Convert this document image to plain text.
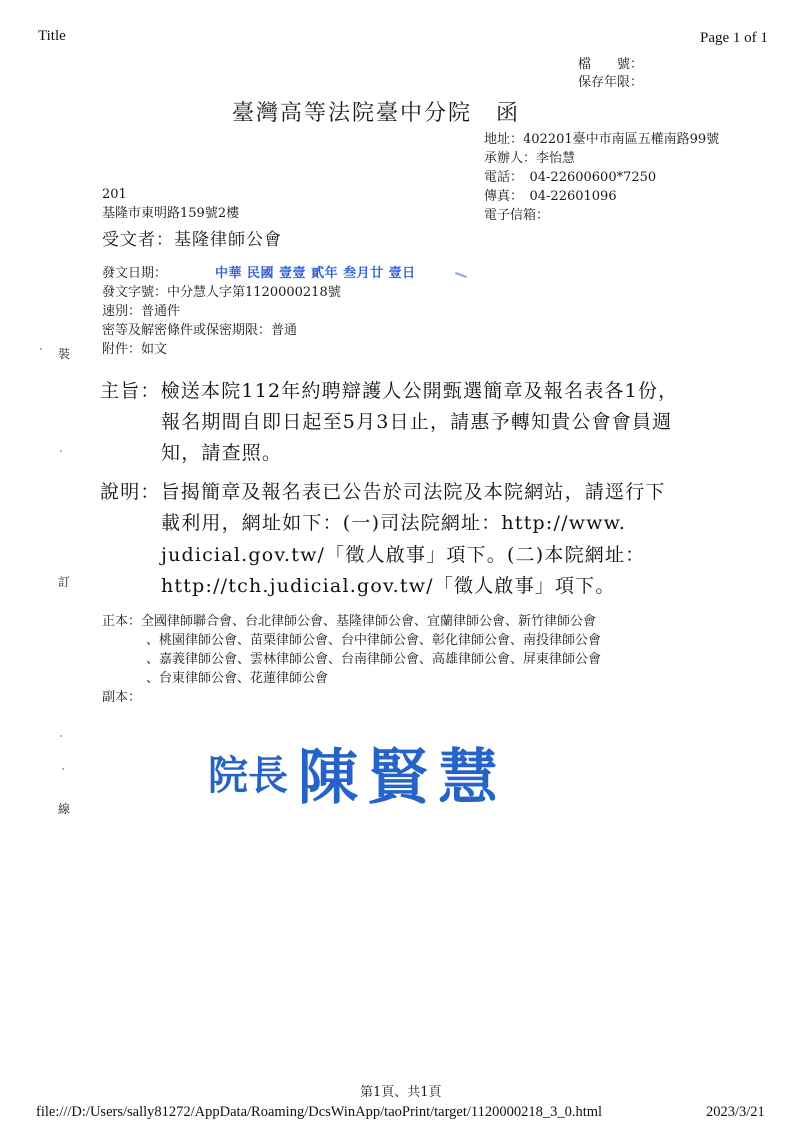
Title	Page 1 of 1
檔　　號：
保存年限：
臺灣高等法院臺中分院　函
地址：402201臺中市南區五權南路99號
承辦人：李怡慧
電話：　04-22600600*7250
傳真：　04-22601096
電子信箱：
201
基隆市東明路159號2樓
受文者：基隆律師公會
發文日期：	中華 民國 壹壹 貳年 叁月廿 壹日
發文字號：中分慧人字第1120000218號
速別：普通件
密等及解密條件或保密期限：普通
附件：如文
裝
訂
線
主旨：檢送本院112年約聘辯護人公開甄選簡章及報名表各1份，
報名期間自即日起至5月3日止，請惠予轉知貴公會會員週
知，請查照。
說明：旨揭簡章及報名表已公告於司法院及本院網站，請逕行下
載利用，網址如下：(一)司法院網址：http://www.
judicial.gov.tw/「徵人啟事」項下。(二)本院網址：
http://tch.judicial.gov.tw/「徵人啟事」項下。
正本：全國律師聯合會、台北律師公會、基隆律師公會、宜蘭律師公會、新竹律師公會
、桃園律師公會、苗栗律師公會、台中律師公會、彰化律師公會、南投律師公會
、嘉義律師公會、雲林律師公會、台南律師公會、高雄律師公會、屏東律師公會
、台東律師公會、花蓮律師公會
副本：
院長 陳賢慧
第1頁、共1頁
file:///D:/Users/sally81272/AppData/Roaming/DcsWinApp/taoPrint/target/1120000218_3_0.html	2023/3/21
